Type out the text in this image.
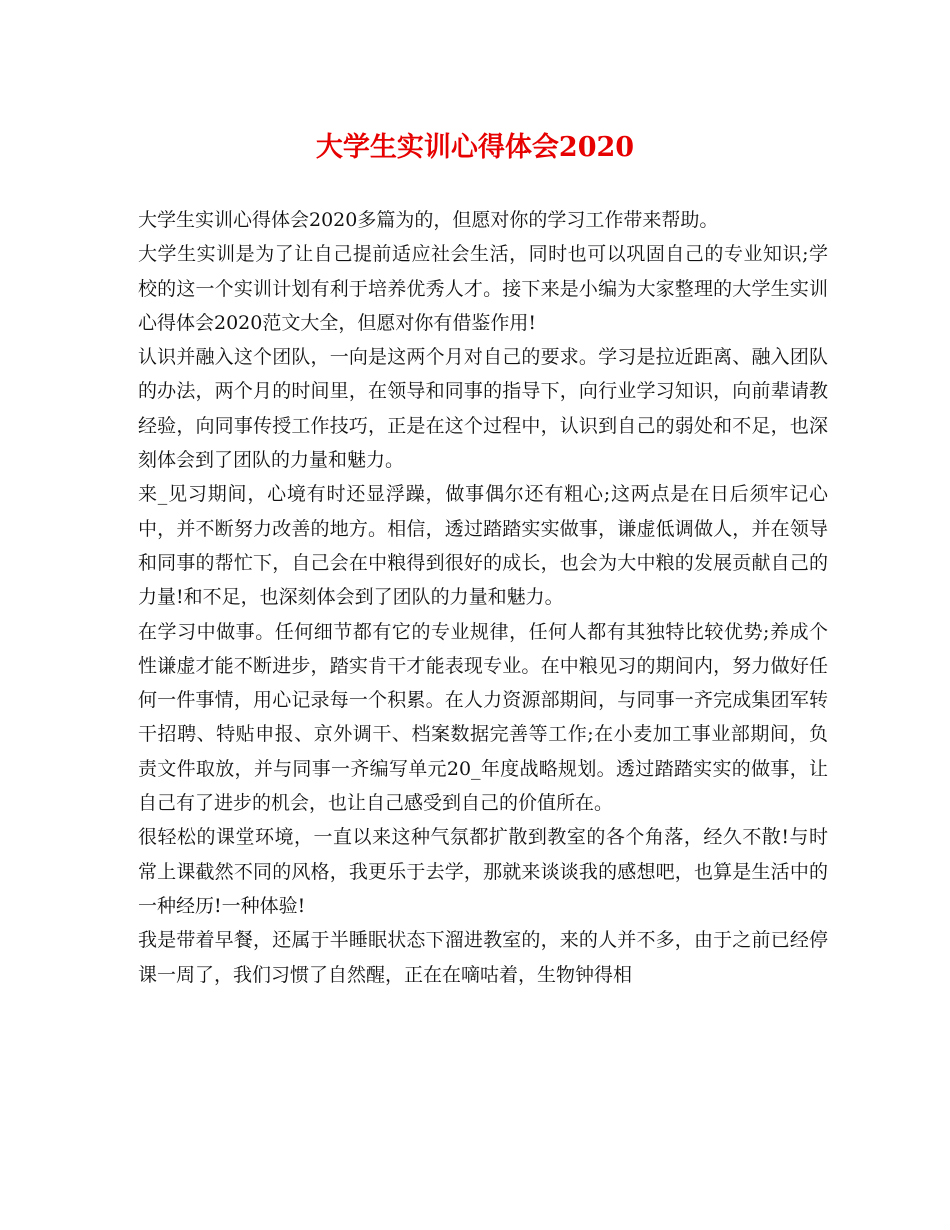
大学生实训心得体会2020

大学生实训心得体会2020多篇为的，但愿对你的学习工作带来帮助。

大学生实训是为了让自己提前适应社会生活，同时也可以巩固自己的专业知识;学校的这一个实训计划有利于培养优秀人才。接下来是小编为大家整理的大学生实训心得体会2020范文大全，但愿对你有借鉴作用!

认识并融入这个团队，一向是这两个月对自己的要求。学习是拉近距离、融入团队的办法，两个月的时间里，在领导和同事的指导下，向行业学习知识，向前辈请教经验，向同事传授工作技巧，正是在这个过程中，认识到自己的弱处和不足，也深刻体会到了团队的力量和魅力。

来_见习期间，心境有时还显浮躁，做事偶尔还有粗心;这两点是在日后须牢记心中，并不断努力改善的地方。相信，透过踏踏实实做事，谦虚低调做人，并在领导和同事的帮忙下，自己会在中粮得到很好的成长，也会为大中粮的发展贡献自己的力量!和不足，也深刻体会到了团队的力量和魅力。

在学习中做事。任何细节都有它的专业规律，任何人都有其独特比较优势;养成个性谦虚才能不断进步，踏实肯干才能表现专业。在中粮见习的期间内，努力做好任何一件事情，用心记录每一个积累。在人力资源部期间，与同事一齐完成集团军转干招聘、特贴申报、京外调干、档案数据完善等工作;在小麦加工事业部期间，负责文件取放，并与同事一齐编写单元20_年度战略规划。透过踏踏实实的做事，让自己有了进步的机会，也让自己感受到自己的价值所在。

很轻松的课堂环境，一直以来这种气氛都扩散到教室的各个角落，经久不散!与时常上课截然不同的风格，我更乐于去学，那就来谈谈我的感想吧，也算是生活中的一种经历!一种体验!

我是带着早餐，还属于半睡眠状态下溜进教室的，来的人并不多，由于之前已经停课一周了，我们习惯了自然醒，正在在嘀咕着，生物钟得相
